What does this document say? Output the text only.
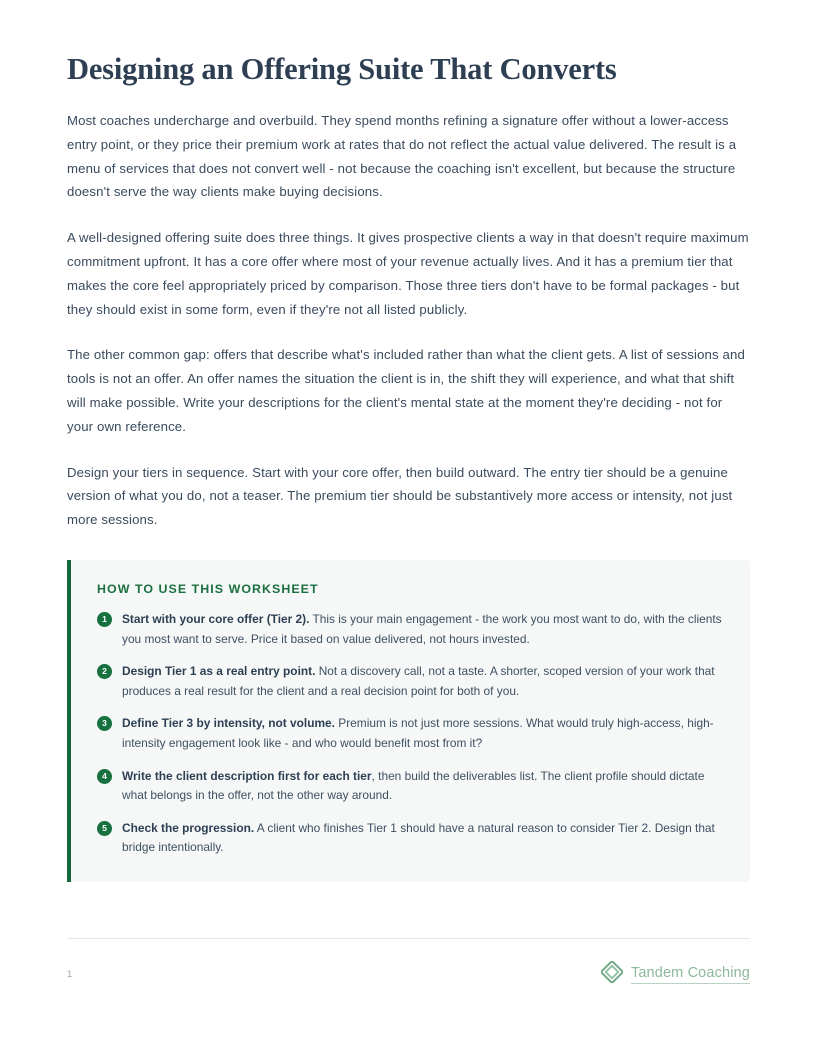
Designing an Offering Suite That Converts

Most coaches undercharge and overbuild. They spend months refining a signature offer without a lower-access entry point, or they price their premium work at rates that do not reflect the actual value delivered. The result is a menu of services that does not convert well - not because the coaching isn't excellent, but because the structure doesn't serve the way clients make buying decisions.

A well-designed offering suite does three things. It gives prospective clients a way in that doesn't require maximum commitment upfront. It has a core offer where most of your revenue actually lives. And it has a premium tier that makes the core feel appropriately priced by comparison. Those three tiers don't have to be formal packages - but they should exist in some form, even if they're not all listed publicly.

The other common gap: offers that describe what's included rather than what the client gets. A list of sessions and tools is not an offer. An offer names the situation the client is in, the shift they will experience, and what that shift will make possible. Write your descriptions for the client's mental state at the moment they're deciding - not for your own reference.

Design your tiers in sequence. Start with your core offer, then build outward. The entry tier should be a genuine version of what you do, not a teaser. The premium tier should be substantively more access or intensity, not just more sessions.

HOW TO USE THIS WORKSHEET
1	Start with your core offer (Tier 2). This is your main engagement - the work you most want to do, with the clients you most want to serve. Price it based on value delivered, not hours invested.
2	Design Tier 1 as a real entry point. Not a discovery call, not a taste. A shorter, scoped version of your work that produces a real result for the client and a real decision point for both of you.
3	Define Tier 3 by intensity, not volume. Premium is not just more sessions. What would truly high-access, high-intensity engagement look like - and who would benefit most from it?
4	Write the client description first for each tier, then build the deliverables list. The client profile should dictate what belongs in the offer, not the other way around.
5	Check the progression. A client who finishes Tier 1 should have a natural reason to consider Tier 2. Design that bridge intentionally.
1	Tandem Coaching
